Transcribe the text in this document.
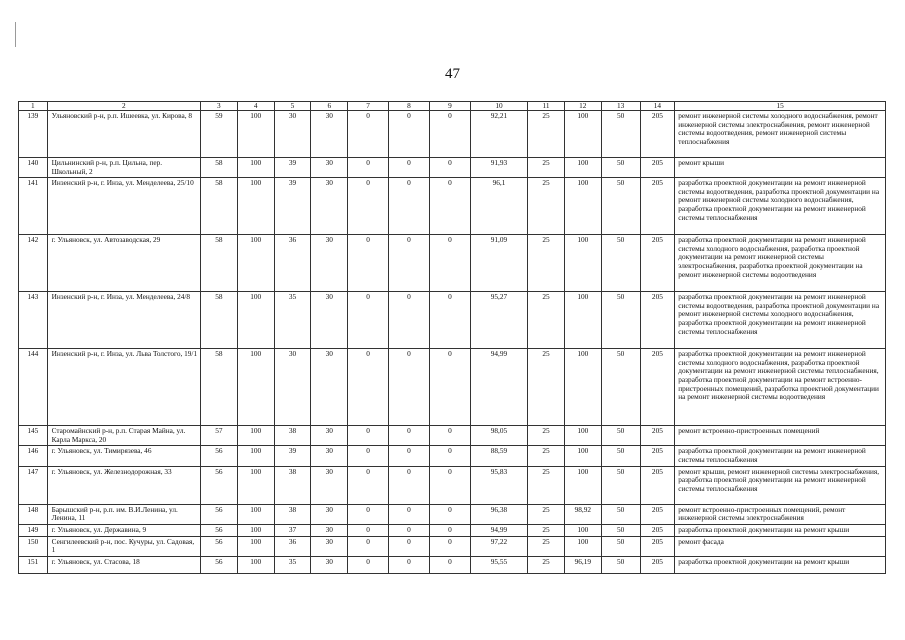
47
1	2	3	4	5	6	7	8	9	10	11	12	13	14	15
139	Ульяновский р-н, р.п. Ишеевка, ул. Кирова, 8	59	100	30	30	0	0	0	92,21	25	100	50	205	ремонт инженерной системы холодного водоснабжения, ремонт инженерной системы электроснабжения, ремонт инженерной системы водоотведения, ремонт инженерной системы теплоснабжения
140	Цильнинский р-н, р.п. Цильна, пер. Школьный, 2	58	100	39	30	0	0	0	91,93	25	100	50	205	ремонт крыши
141	Инзенский р-н, г. Инза, ул. Менделеева, 25/10	58	100	39	30	0	0	0	96,1	25	100	50	205	разработка проектной документации на ремонт инженерной системы водоотведения, разработка проектной документации на ремонт инженерной системы холодного водоснабжения, разработка проектной документации на ремонт инженерной системы теплоснабжения
142	г. Ульяновск, ул. Автозаводская, 29	58	100	36	30	0	0	0	91,09	25	100	50	205	разработка проектной документации на ремонт инженерной системы холодного водоснабжения, разработка проектной документации на ремонт инженерной системы электроснабжения, разработка проектной документации на ремонт инженерной системы водоотведения
143	Инзенский р-н, г. Инза, ул. Менделеева, 24/8	58	100	35	30	0	0	0	95,27	25	100	50	205	разработка проектной документации на ремонт инженерной системы водоотведения, разработка проектной документации на ремонт инженерной системы холодного водоснабжения, разработка проектной документации на ремонт инженерной системы теплоснабжения
144	Инзенский р-н, г. Инза, ул. Льва Толстого, 19/1	58	100	30	30	0	0	0	94,99	25	100	50	205	разработка проектной документации на ремонт инженерной системы холодного водоснабжения, разработка проектной документации на ремонт инженерной системы теплоснабжения, разработка проектной документации на ремонт встроенно-пристроенных помещений, разработка проектной документации на ремонт инженерной системы водоотведения
145	Старомайнский р-н, р.п. Старая Майна, ул. Карла Маркса, 20	57	100	38	30	0	0	0	98,05	25	100	50	205	ремонт встроенно-пристроенных помещений
146	г. Ульяновск, ул. Тимирязева, 46	56	100	39	30	0	0	0	88,59	25	100	50	205	разработка проектной документации на ремонт инженерной системы теплоснабжения
147	г. Ульяновск, ул. Железнодорожная, 33	56	100	38	30	0	0	0	95,83	25	100	50	205	ремонт крыши, ремонт инженерной системы электроснабжения, разработка проектной документации на ремонт инженерной системы теплоснабжения
148	Барышский р-н, р.п. им. В.И.Ленина, ул. Ленина, 11	56	100	38	30	0	0	0	96,38	25	98,92	50	205	ремонт встроенно-пристроенных помещений, ремонт инженерной системы электроснабжения
149	г. Ульяновск, ул. Державина, 9	56	100	37	30	0	0	0	94,99	25	100	50	205	разработка проектной документации на ремонт крыши
150	Сенгилеевский р-н, пос. Кучуры, ул. Садовая, 1	56	100	36	30	0	0	0	97,22	25	100	50	205	ремонт фасада
151	г. Ульяновск, ул. Стасова, 18	56	100	35	30	0	0	0	95,55	25	96,19	50	205	разработка проектной документации на ремонт крыши
